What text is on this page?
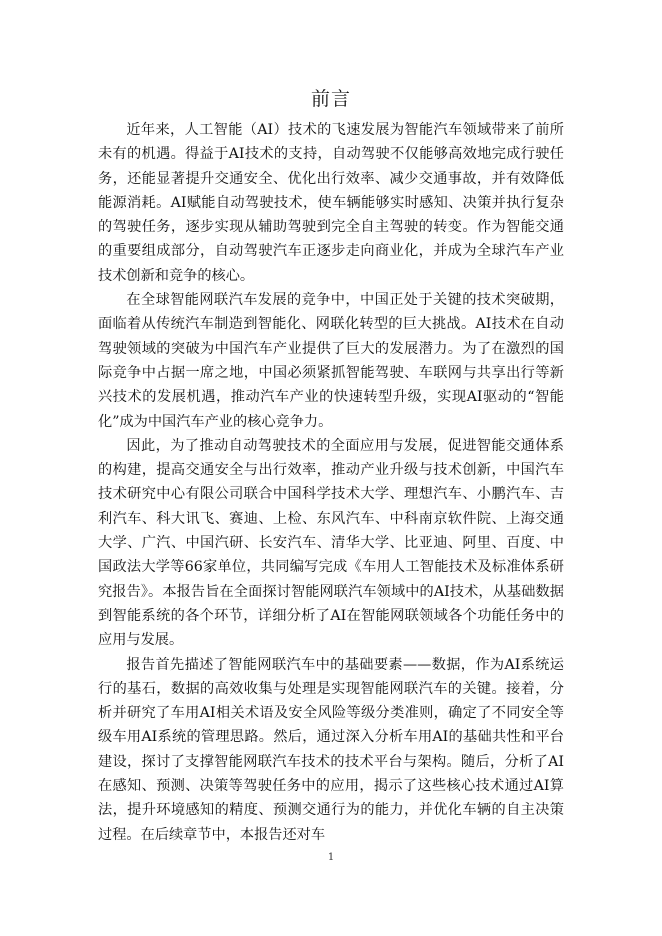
前言

近年来，人工智能（AI）技术的飞速发展为智能汽车领域带来了前所未有的机遇。得益于AI技术的支持，自动驾驶不仅能够高效地完成行驶任务，还能显著提升交通安全、优化出行效率、减少交通事故，并有效降低能源消耗。AI赋能自动驾驶技术，使车辆能够实时感知、决策并执行复杂的驾驶任务，逐步实现从辅助驾驶到完全自主驾驶的转变。作为智能交通的重要组成部分，自动驾驶汽车正逐步走向商业化，并成为全球汽车产业技术创新和竞争的核心。

在全球智能网联汽车发展的竞争中，中国正处于关键的技术突破期，面临着从传统汽车制造到智能化、网联化转型的巨大挑战。AI技术在自动驾驶领域的突破为中国汽车产业提供了巨大的发展潜力。为了在激烈的国际竞争中占据一席之地，中国必须紧抓智能驾驶、车联网与共享出行等新兴技术的发展机遇，推动汽车产业的快速转型升级，实现AI驱动的“智能化”成为中国汽车产业的核心竞争力。

因此，为了推动自动驾驶技术的全面应用与发展，促进智能交通体系的构建，提高交通安全与出行效率，推动产业升级与技术创新，中国汽车技术研究中心有限公司联合中国科学技术大学、理想汽车、小鹏汽车、吉利汽车、科大讯飞、赛迪、上检、东风汽车、中科南京软件院、上海交通大学、广汽、中国汽研、长安汽车、清华大学、比亚迪、阿里、百度、中国政法大学等66家单位，共同编写完成《车用人工智能技术及标准体系研究报告》。本报告旨在全面探讨智能网联汽车领域中的AI技术，从基础数据到智能系统的各个环节，详细分析了AI在智能网联领域各个功能任务中的应用与发展。

报告首先描述了智能网联汽车中的基础要素——数据，作为AI系统运行的基石，数据的高效收集与处理是实现智能网联汽车的关键。接着，分析并研究了车用AI相关术语及安全风险等级分类准则，确定了不同安全等级车用AI系统的管理思路。然后，通过深入分析车用AI的基础共性和平台建设，探讨了支撑智能网联汽车技术的技术平台与架构。随后，分析了AI在感知、预测、决策等驾驶任务中的应用，揭示了这些核心技术通过AI算法，提升环境感知的精度、预测交通行为的能力，并优化车辆的自主决策过程。在后续章节中，本报告还对车

1
